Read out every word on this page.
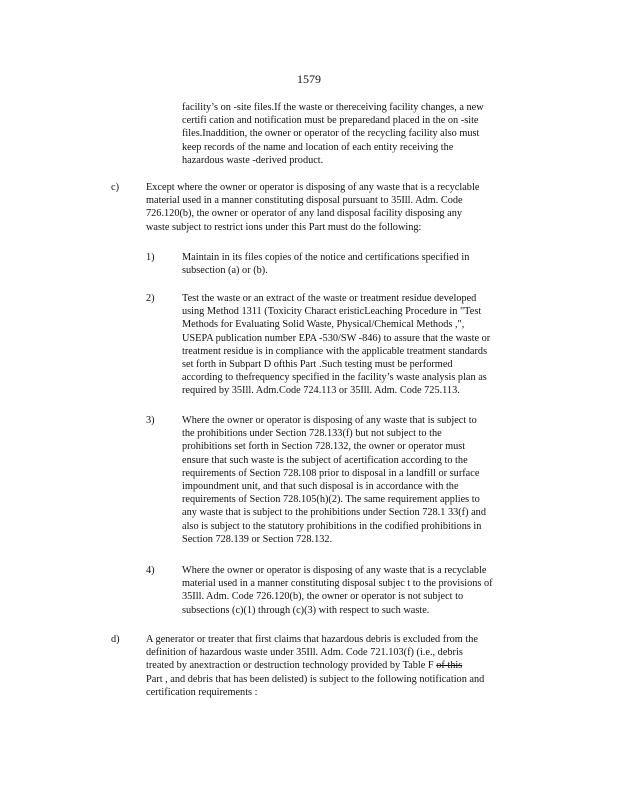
1579
facility’s on -site files.If the waste or thereceiving facility changes, a new
certifi cation and notification must be preparedand placed in the on -site
files.Inaddition, the owner or operator of the recycling facility also must
keep records of the name and location of each entity receiving the
hazardous waste -derived product.
c)	Except where the owner or operator is disposing of any waste that is a recyclable
material used in a manner constituting disposal pursuant to 35Ill. Adm. Code
726.120(b), the owner or operator of any land disposal facility disposing any
waste subject to restrict ions under this Part must do the following:
1)	Maintain in its files copies of the notice and certifications specified in
subsection (a) or (b).
2)	Test the waste or an extract of the waste or treatment residue developed
using Method 1311 (Toxicity Charact eristicLeaching Procedure in "Test
Methods for Evaluating Solid Waste, Physical/Chemical Methods ,",
USEPA publication number EPA -530/SW -846) to assure that the waste or
treatment residue is in compliance with the applicable treatment standards
set forth in Subpart D ofthis Part .Such testing must be performed
according to thefrequency specified in the facility’s waste analysis plan as
required by 35Ill. Adm.Code 724.113 or 35Ill. Adm. Code 725.113.
3)	Where the owner or operator is disposing of any waste that is subject to
the prohibitions under Section 728.133(f) but not subject to the
prohibitions set forth in Section 728.132, the owner or operator must
ensure that such waste is the subject of acertification according to the
requirements of Section 728.108 prior to disposal in a landfill or surface
impoundment unit, and that such disposal is in accordance with the
requirements of Section 728.105(h)(2). The same requirement applies to
any waste that is subject to the prohibitions under Section 728.1 33(f) and
also is subject to the statutory prohibitions in the codified prohibitions in
Section 728.139 or Section 728.132.
4)	Where the owner or operator is disposing of any waste that is a recyclable
material used in a manner constituting disposal subjec t to the provisions of
35Ill. Adm. Code 726.120(b), the owner or operator is not subject to
subsections (c)(1) through (c)(3) with respect to such waste.
d)	A generator or treater that first claims that hazardous debris is excluded from the
definition of hazardous waste under 35Ill. Adm. Code 721.103(f) (i.e., debris
treated by anextraction or destruction technology provided by Table F of this
Part , and debris that has been delisted) is subject to the following notification and
certification requirements :
